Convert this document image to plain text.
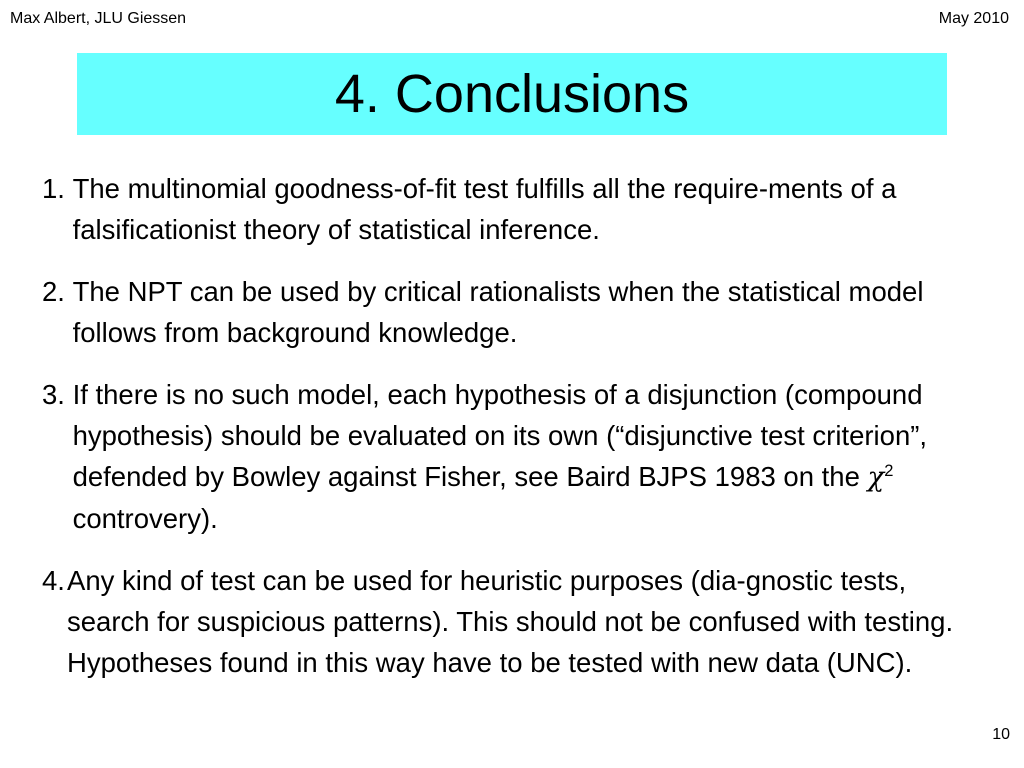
Max Albert, JLU Giessen	May 2010
4. Conclusions
1. The multinomial goodness-of-fit test fulfills all the require-ments of a falsificationist theory of statistical inference.
2. The NPT can be used by critical rationalists when the statistical model follows from background knowledge.
3. If there is no such model, each hypothesis of a disjunction (compound hypothesis) should be evaluated on its own (“disjunctive test criterion”, defended by Bowley against Fisher, see Baird BJPS 1983 on the $\chi^2$ controvery).
4.
Any kind of test can be used for heuristic purposes (dia-gnostic tests, search for suspicious patterns). This should not be confused with testing. Hypotheses found in this way have to be tested with new data (UNC).
10
